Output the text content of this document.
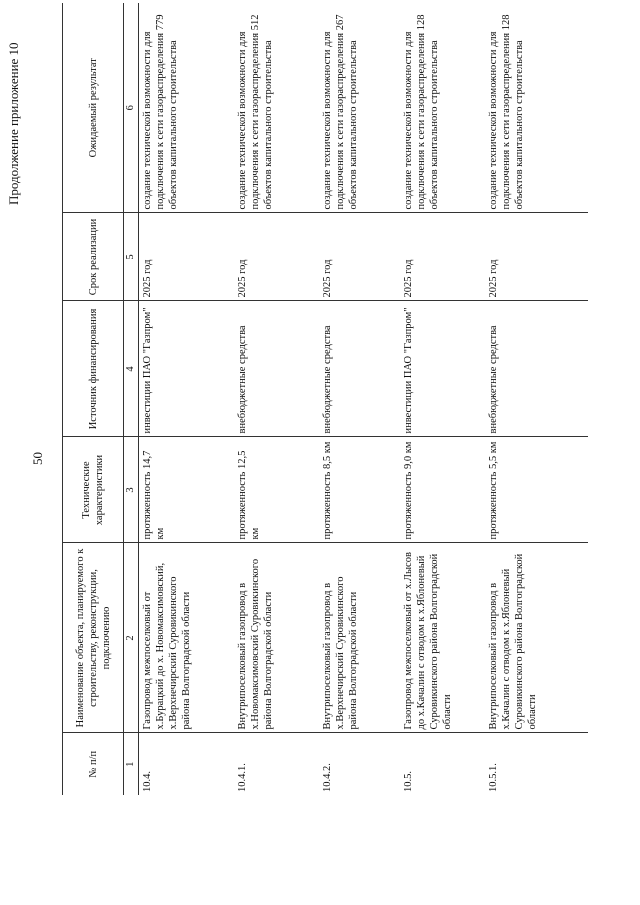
50
Продолжение приложение 10
№ п/п	Наименование объекта, планируемого к строительству, реконструкции, подключению	Технические характеристики	Источник финансирования	Срок реализации	Ожидаемый результат
1	2	3	4	5	6
10.4.	Газопровод межпоселковый от х.Бурацкий до х. Новомаксимовский, х.Верхнечирский Суровикинского района Волгоградской области	протяженность 14,7 км	инвестиции ПАО "Газпром"	2025 год	создание технической возможности для подключения к сети газораспределения 779 объектов капитального строительства
10.4.1.	Внутрипоселковый газопровод в х.Новомаксимовский Суровикинского района Волгоградской области	протяженность 12,5 км	внебюджетные средства	2025 год	создание технической возможности для подключения к сети газораспределения 512 объектов капитального строительства
10.4.2.	Внутрипоселковый газопровод в х.Верхнечирский Суровикинского района Волгоградской области	протяженность 8,5 км	внебюджетные средства	2025 год	создание технической возможности для подключения к сети газораспределения 267 объектов капитального строительства
10.5.	Газопровод межпоселковый от х.Лысов до х.Качалин с отводом к х.Яблоневый Суровикинского района Волгоградской области	протяженность 9,0 км	инвестиции ПАО "Газпром"	2025 год	создание технической возможности для подключения к сети газораспределения 128 объектов капитального строительства
10.5.1.	Внутрипоселковый газопровод в х.Качалин с отводом к х.Яблоневый Суровикинского района Волгоградской области	протяженность 5,5 км	внебюджетные средства	2025 год	создание технической возможности для подключения к сети газораспределения 128 объектов капитального строительства
